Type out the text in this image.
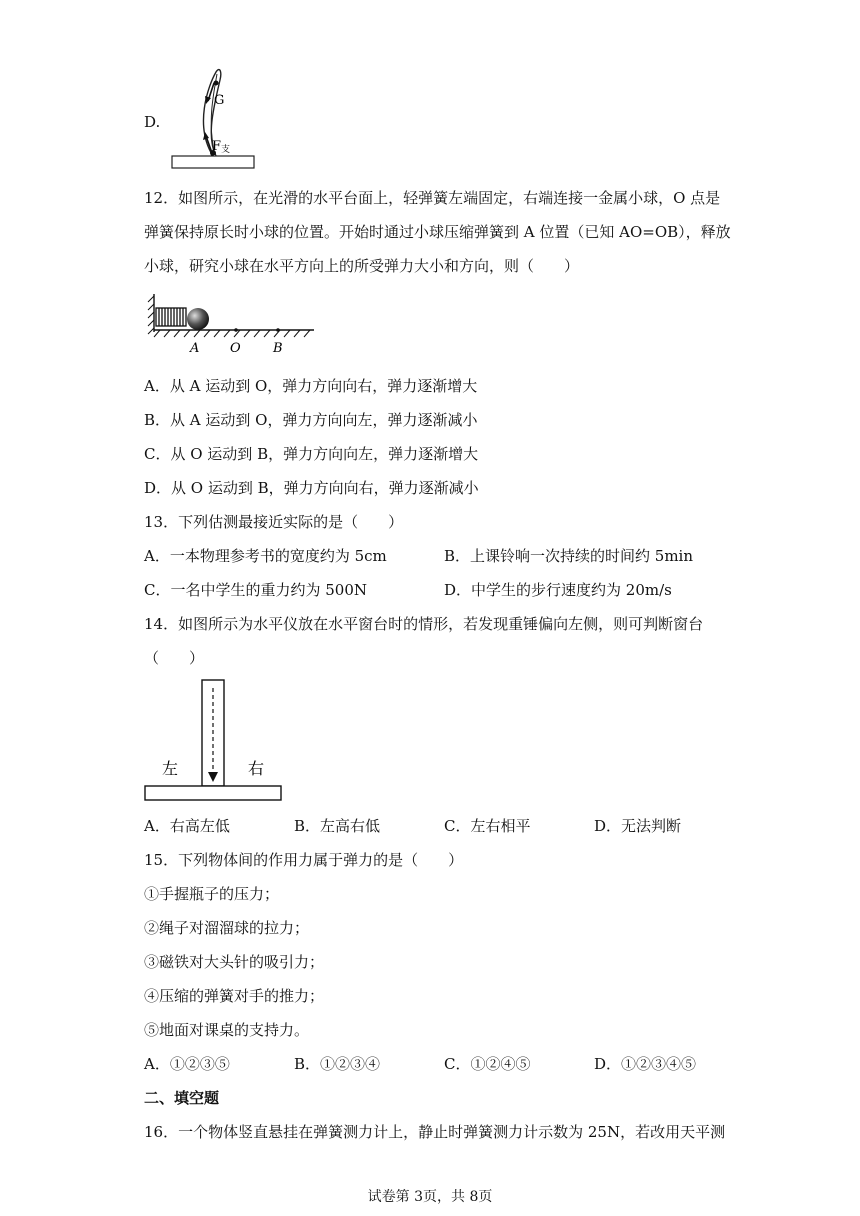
D.
G
F 支
12．如图所示，在光滑的水平台面上，轻弹簧左端固定，右端连接一金属小球，O 点是
弹簧保持原长时小球的位置。开始时通过小球压缩弹簧到 A 位置（已知 AO=OB），释放
小球，研究小球在水平方向上的所受弹力大小和方向，则（　　）
A O B
A．从 A 运动到 O，弹力方向向右，弹力逐渐增大
B．从 A 运动到 O，弹力方向向左，弹力逐渐减小
C．从 O 运动到 B，弹力方向向左，弹力逐渐增大
D．从 O 运动到 B，弹力方向向右，弹力逐渐减小
13．下列估测最接近实际的是（　　）
A．一本物理参考书的宽度约为 5cm	B．上课铃响一次持续的时间约 5min
C．一名中学生的重力约为 500N	D．中学生的步行速度约为 20m/s
14．如图所示为水平仪放在水平窗台时的情形，若发现重锤偏向左侧，则可判断窗台
（　　）
左	右
A．右高左低	B．左高右低	C．左右相平	D．无法判断
15．下列物体间的作用力属于弹力的是（　　）
①手握瓶子的压力；
②绳子对溜溜球的拉力；
③磁铁对大头针的吸引力；
④压缩的弹簧对手的推力；
⑤地面对课桌的支持力。
A．①②③⑤	B．①②③④	C．①②④⑤	D．①②③④⑤
二、填空题
16．一个物体竖直悬挂在弹簧测力计上，静止时弹簧测力计示数为 25N，若改用天平测
试卷第 3页，共 8页
